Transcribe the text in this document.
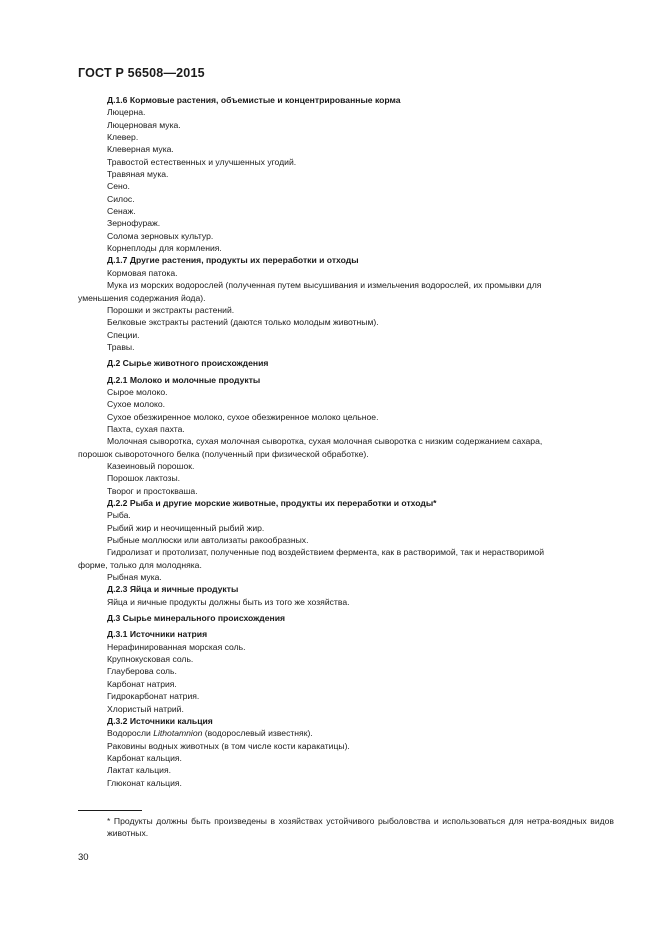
ГОСТ Р 56508—2015
Д.1.6 Кормовые растения, объемистые и концентрированные корма
Люцерна.
Люцерновая мука.
Клевер.
Клеверная мука.
Травостой естественных и улучшенных угодий.
Травяная мука.
Сено.
Силос.
Сенаж.
Зернофураж.
Солома зерновых культур.
Корнеплоды для кормления.
Д.1.7 Другие растения, продукты их переработки и отходы
Кормовая патока.
Мука из морских водорослей (полученная путем высушивания и измельчения водорослей, их промывки для
уменьшения содержания йода).
Порошки и экстракты растений.
Белковые экстракты растений (даются только молодым животным).
Специи.
Травы.
Д.2 Сырье животного происхождения
Д.2.1 Молоко и молочные продукты
Сырое молоко.
Сухое молоко.
Сухое обезжиренное молоко, сухое обезжиренное молоко цельное.
Пахта, сухая пахта.
Молочная сыворотка, сухая молочная сыворотка, сухая молочная сыворотка с низким содержанием сахара,
порошок сывороточного белка (полученный при физической обработке).
Казеиновый порошок.
Порошок лактозы.
Творог и простокваша.
Д.2.2 Рыба и другие морские животные, продукты их переработки и отходы*
Рыба.
Рыбий жир и неочищенный рыбий жир.
Рыбные моллюски или автолизаты ракообразных.
Гидролизат и протолизат, полученные под воздействием фермента, как в растворимой, так и нерастворимой
форме, только для молодняка.
Рыбная мука.
Д.2.3 Яйца и яичные продукты
Яйца и яичные продукты должны быть из того же хозяйства.
Д.3 Сырье минерального происхождения
Д.3.1 Источники натрия
Нерафинированная морская соль.
Крупнокусковая соль.
Глауберова соль.
Карбонат натрия.
Гидрокарбонат натрия.
Хлористый натрий.
Д.3.2 Источники кальция
Водоросли Lithotamnion (водорослевый известняк).
Раковины водных животных (в том числе кости каракатицы).
Карбонат кальция.
Лактат кальция.
Глюконат кальция.
* Продукты должны быть произведены в хозяйствах устойчивого рыболовства и использоваться для нетра-воядных видов животных.
30
